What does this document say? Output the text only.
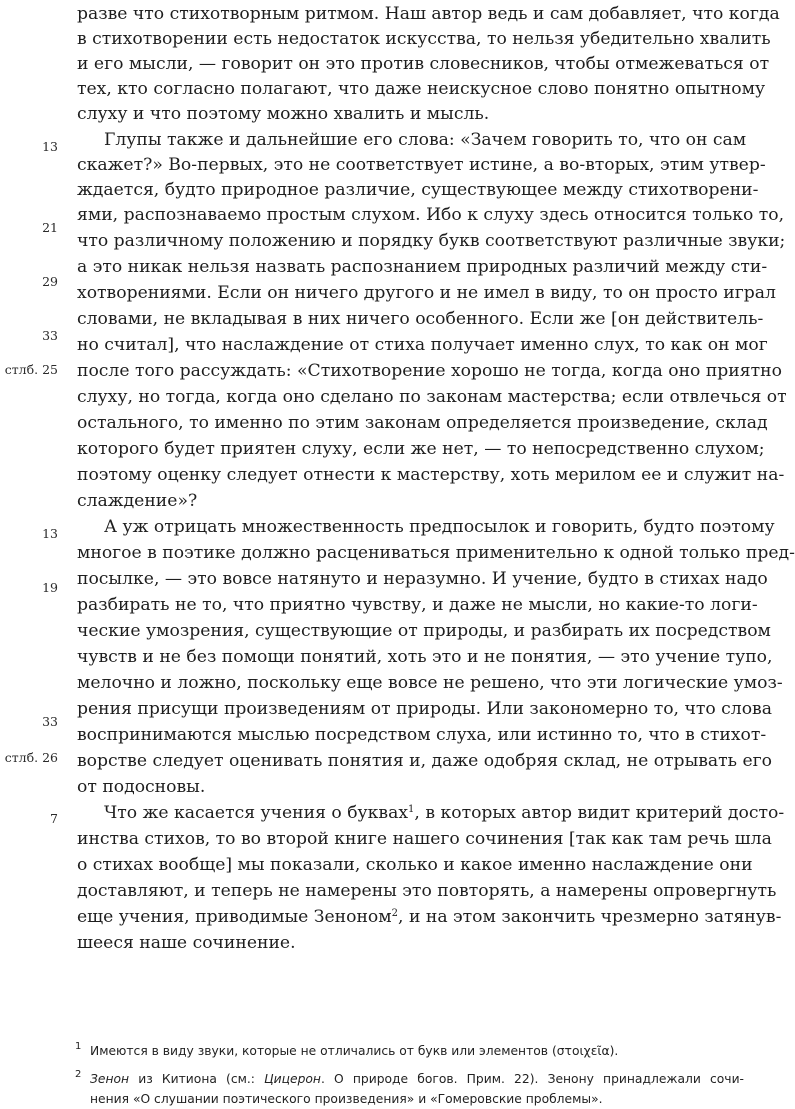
разве что стихотворным ритмом. Наш автор ведь и сам добавляет, что когда
в стихотворении есть недостаток искусства, то нельзя убедительно хвалить
и его мысли, — говорит он это против словесников, чтобы отмежеваться от
тех, кто согласно полагают, что даже неискусное слово понятно опытному
слуху и что поэтому можно хвалить и мысль.
13	Глупы также и дальнейшие его слова: «Зачем говорить то, что он сам
скажет?» Во-первых, это не соответствует истине, а во-вторых, этим утвер-
ждается, будто природное различие, существующее между стихотворени-
21
ями, распознаваемо простым слухом. Ибо к слуху здесь относится только то,
что различному положению и порядку букв соответствуют различные звуки;
29
а это никак нельзя назвать распознанием природных различий между сти-
хотворениями. Если он ничего другого и не имел в виду, то он просто играл
33
словами, не вкладывая в них ничего особенного. Если же [он действитель-
но считал], что наслаждение от стиха получает именно слух, то как он мог
стлб. 25 после того рассуждать: «Стихотворение хорошо не тогда, когда оно приятно
слуху, но тогда, когда оно сделано по законам мастерства; если отвлечься от
остального, то именно по этим законам определяется произведение, склад
которого будет приятен слуху, если же нет, — то непосредственно слухом;
поэтому оценку следует отнести к мастерству, хоть мерилом ее и служит на-
слаждение»?
13	А уж отрицать множественность предпосылок и говорить, будто поэтому
многое в поэтике должно расцениваться применительно к одной только пред-
19 посылке, — это вовсе натянуто и неразумно. И учение, будто в стихах надо
разбирать не то, что приятно чувству, и даже не мысли, но какие-то логи-
ческие умозрения, существующие от природы, и разбирать их посредством
чувств и не без помощи понятий, хоть это и не понятия, — это учение тупо,
мелочно и ложно, поскольку еще вовсе не решено, что эти логические умоз-
33
рения присущи произведениям от природы. Или закономерно то, что слова
воспринимаются мыслью посредством слуха, или истинно то, что в стихот-
стлб. 26 ворстве следует оценивать понятия и, даже одобряя склад, не отрывать его
от подосновы.
7	Что же касается учения о буквах$^1$, в которых автор видит критерий досто-
инства стихов, то во второй книге нашего сочинения [так как там речь шла
о стихах вообще] мы показали, сколько и какое именно наслаждение они
доставляют, и теперь не намерены это повторять, а намерены опровергнуть
еще учения, приводимые Зеноном$^2$, и на этом закончить чрезмерно затянув-
шееся наше сочинение.
1 Имеются в виду звуки, которые не отличались от букв или элементов (στοιχεῖα).
2 Зенон из Китиона (см.: Цицерон. О природе богов. Прим. 22). Зенону принадлежали сочи-
нения «О слушании поэтического произведения» и «Гомеровские проблемы».
